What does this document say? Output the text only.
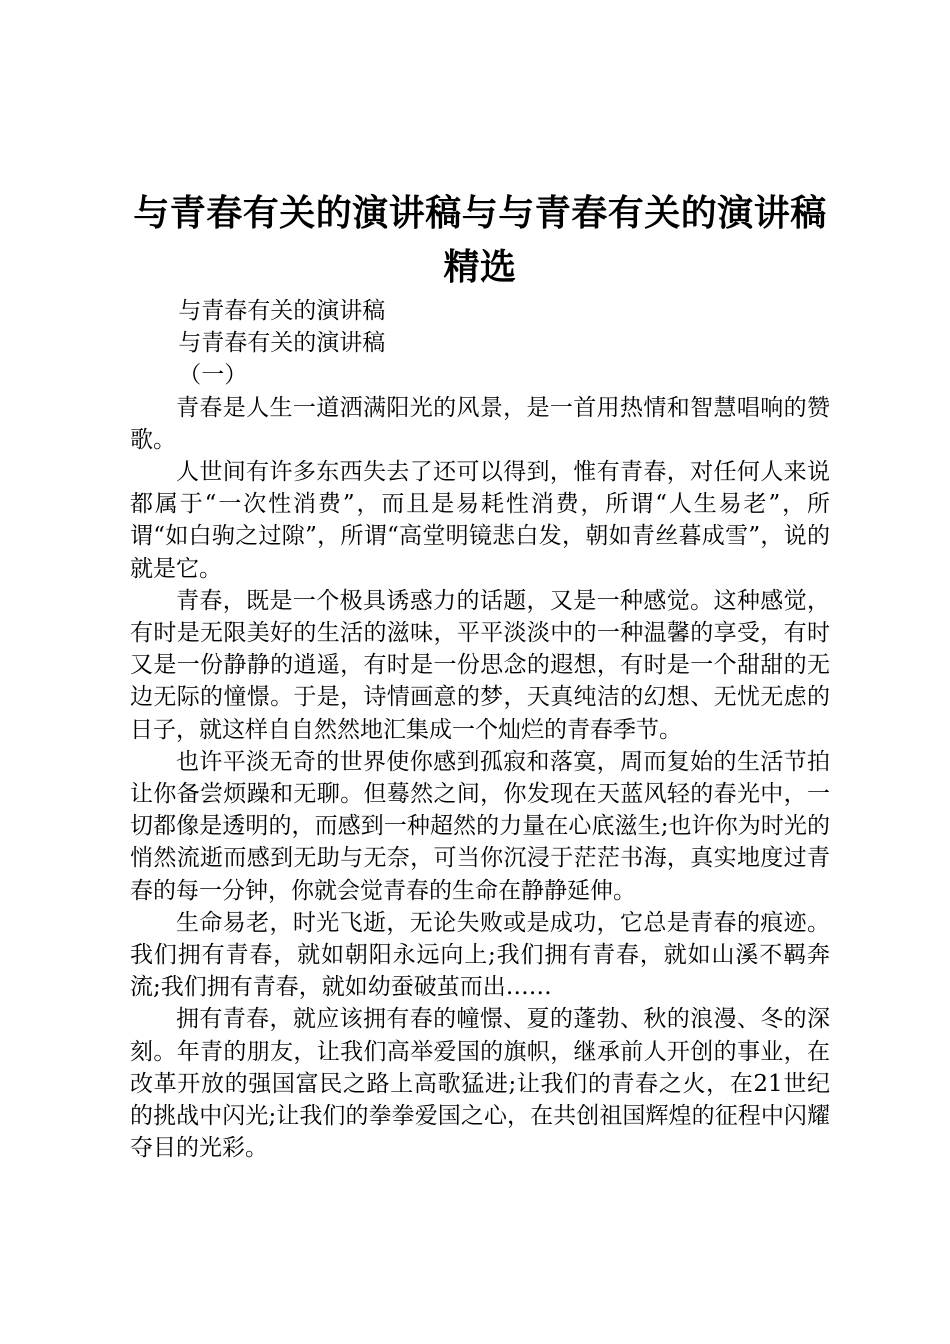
与青春有关的演讲稿与与青春有关的演讲稿精选

与青春有关的演讲稿

与青春有关的演讲稿

（一）

青春是人生一道洒满阳光的风景，是一首用热情和智慧唱响的赞歌。

人世间有许多东西失去了还可以得到，惟有青春，对任何人来说都属于“一次性消费”，而且是易耗性消费，所谓“人生易老”，所谓“如白驹之过隙”，所谓“高堂明镜悲白发，朝如青丝暮成雪”，说的就是它。

青春，既是一个极具诱惑力的话题，又是一种感觉。这种感觉，有时是无限美好的生活的滋味，平平淡淡中的一种温馨的享受，有时又是一份静静的逍遥，有时是一份思念的遐想，有时是一个甜甜的无边无际的憧憬。于是，诗情画意的梦，天真纯洁的幻想、无忧无虑的日子，就这样自自然然地汇集成一个灿烂的青春季节。

也许平淡无奇的世界使你感到孤寂和落寞，周而复始的生活节拍让你备尝烦躁和无聊。但蓦然之间，你发现在天蓝风轻的春光中，一切都像是透明的，而感到一种超然的力量在心底滋生;也许你为时光的悄然流逝而感到无助与无奈，可当你沉浸于茫茫书海，真实地度过青春的每一分钟，你就会觉青春的生命在静静延伸。

生命易老，时光飞逝，无论失败或是成功，它总是青春的痕迹。我们拥有青春，就如朝阳永远向上;我们拥有青春，就如山溪不羁奔流;我们拥有青春，就如幼蚕破茧而出……

拥有青春，就应该拥有春的幢憬、夏的蓬勃、秋的浪漫、冬的深刻。年青的朋友，让我们高举爱国的旗帜，继承前人开创的事业，在改革开放的强国富民之路上高歌猛进;让我们的青春之火，在21世纪的挑战中闪光;让我们的拳拳爱国之心，在共创祖国辉煌的征程中闪耀夺目的光彩。
